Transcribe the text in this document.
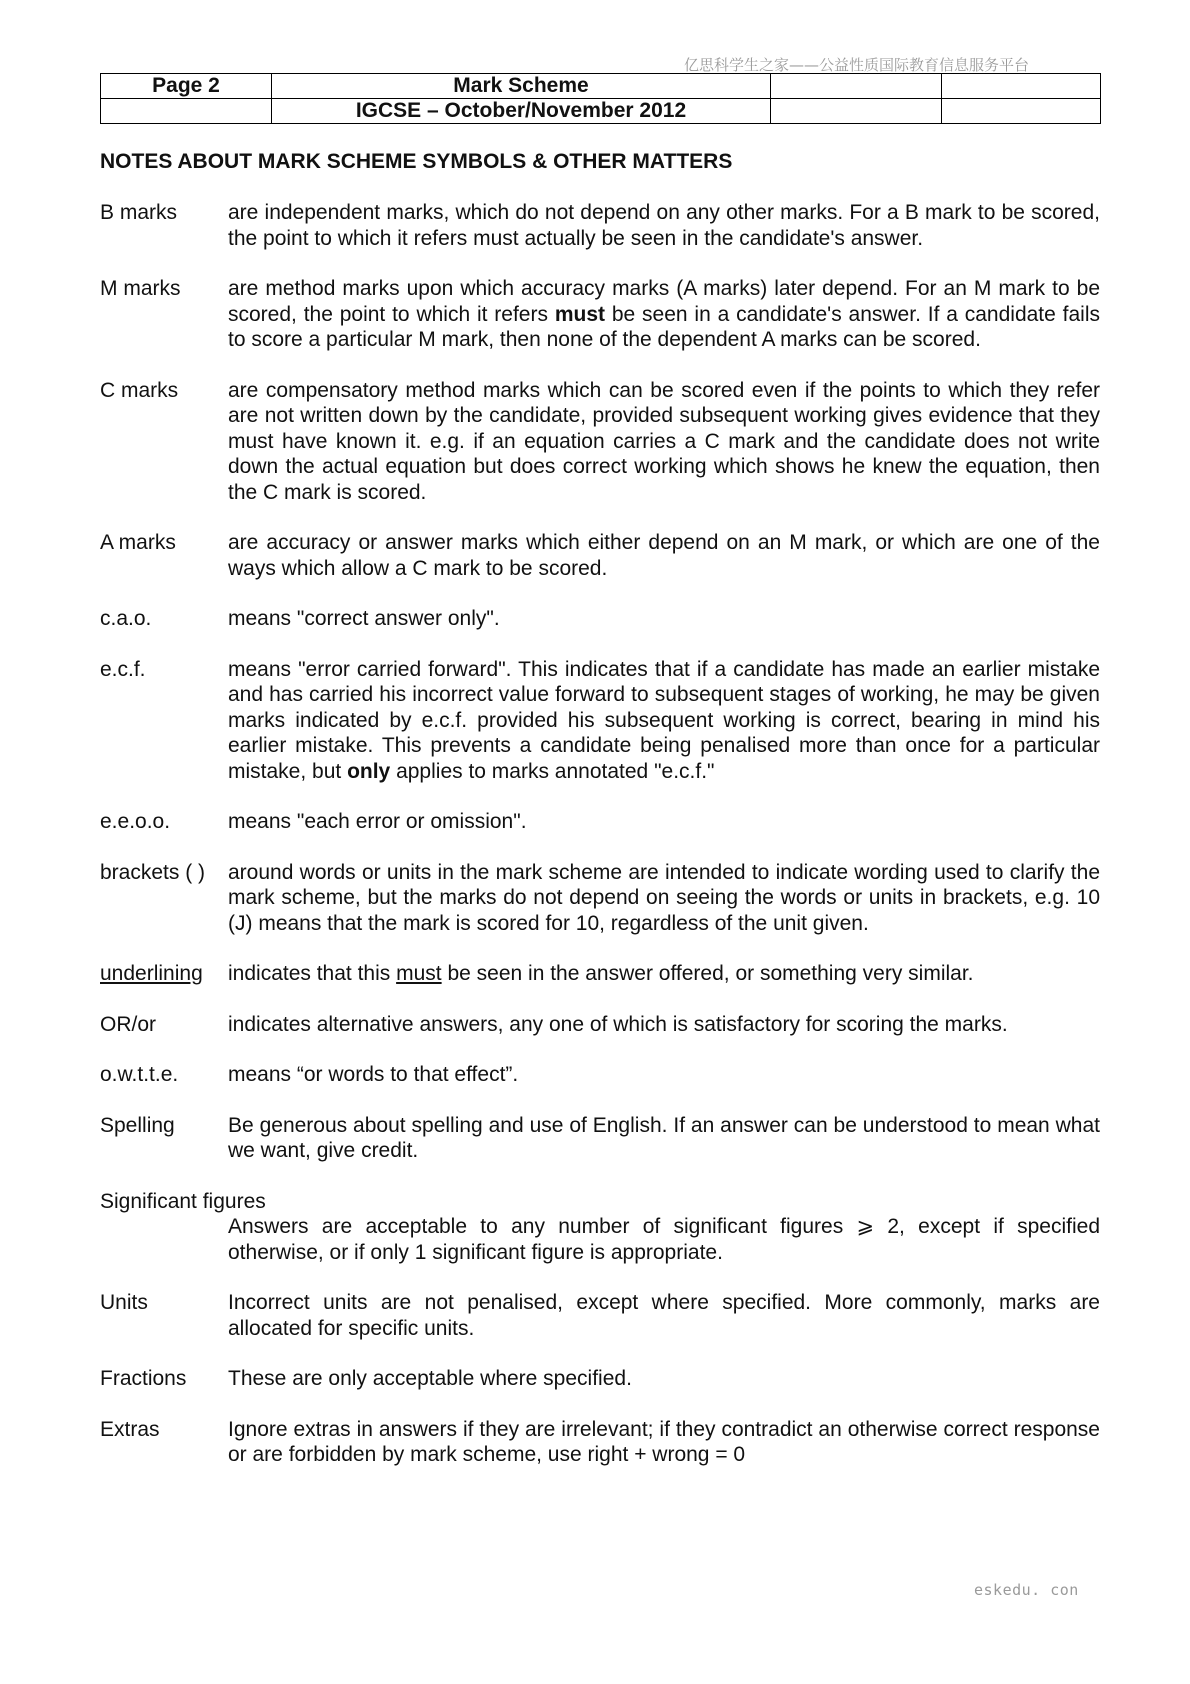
亿思科学生之家——公益性质国际教育信息服务平台
Page 2	Mark Scheme		
	IGCSE – October/November 2012		
NOTES ABOUT MARK SCHEME SYMBOLS & OTHER MATTERS
B marks are independent marks, which do not depend on any other marks. For a B mark to be scored, the point to which it refers must actually be seen in the candidate's answer.
M marks are method marks upon which accuracy marks (A marks) later depend. For an M mark to be scored, the point to which it refers must be seen in a candidate's answer. If a candidate fails to score a particular M mark, then none of the dependent A marks can be scored.
C marks are compensatory method marks which can be scored even if the points to which they refer are not written down by the candidate, provided subsequent working gives evidence that they must have known it. e.g. if an equation carries a C mark and the candidate does not write down the actual equation but does correct working which shows he knew the equation, then the C mark is scored.
A marks are accuracy or answer marks which either depend on an M mark, or which are one of the ways which allow a C mark to be scored.
c.a.o.	means "correct answer only".
e.c.f.	means "error carried forward". This indicates that if a candidate has made an earlier mistake and has carried his incorrect value forward to subsequent stages of working, he may be given marks indicated by e.c.f. provided his subsequent working is correct, bearing in mind his earlier mistake. This prevents a candidate being penalised more than once for a particular mistake, but only applies to marks annotated "e.c.f."
e.e.o.o.	means "each error or omission".
brackets ( ) around words or units in the mark scheme are intended to indicate wording used to clarify the mark scheme, but the marks do not depend on seeing the words or units in brackets, e.g. 10 (J) means that the mark is scored for 10, regardless of the unit given.
underlining indicates that this must be seen in the answer offered, or something very similar.
OR/or	indicates alternative answers, any one of which is satisfactory for scoring the marks.
o.w.t.t.e. means “or words to that effect”.
Spelling	Be generous about spelling and use of English. If an answer can be understood to mean what we want, give credit.
Significant figures
Answers are acceptable to any number of significant figures ⩾ 2, except if specified otherwise, or if only 1 significant figure is appropriate.
Units	Incorrect units are not penalised, except where specified. More commonly, marks are allocated for specific units.
Fractions These are only acceptable where specified.
Extras	Ignore extras in answers if they are irrelevant; if they contradict an otherwise correct response or are forbidden by mark scheme, use right + wrong = 0
eskedu. con
